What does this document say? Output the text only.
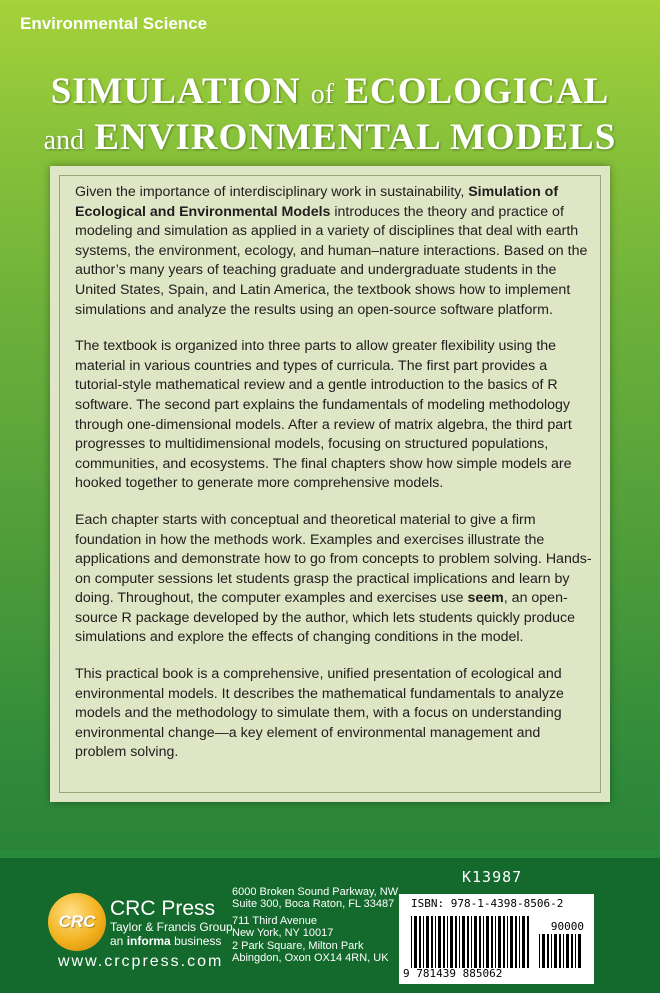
Environmental Science
SIMULATION of ECOLOGICAL
and ENVIRONMENTAL MODELS

Given the importance of interdisciplinary work in sustainability, Simulation of Ecological and Environmental Models introduces the theory and practice of modeling and simulation as applied in a variety of disciplines that deal with earth systems, the environment, ecology, and human–nature interactions. Based on the author’s many years of teaching graduate and undergraduate students in the United States, Spain, and Latin America, the textbook shows how to implement simulations and analyze the results using an open-source software platform.

The textbook is organized into three parts to allow greater flexibility using the material in various countries and types of curricula. The first part provides a tutorial-style mathematical review and a gentle introduction to the basics of R software. The second part explains the fundamentals of modeling methodology through one-dimensional models. After a review of matrix algebra, the third part progresses to multidimensional models, focusing on structured populations, communities, and ecosystems. The final chapters show how simple models are hooked together to generate more comprehensive models.

Each chapter starts with conceptual and theoretical material to give a firm foundation in how the methods work. Examples and exercises illustrate the applications and demonstrate how to go from concepts to problem solving. Hands-on computer sessions let students grasp the practical implications and learn by doing. Throughout, the computer examples and exercises use seem, an open-source R package developed by the author, which lets students quickly produce simulations and explore the effects of changing conditions in the model.

This practical book is a comprehensive, unified presentation of ecological and environmental models. It describes the mathematical fundamentals to analyze models and the methodology to simulate them, with a focus on understanding environmental change—a key element of environmental management and problem solving.

CRC
CRC Press
Taylor & Francis Group
an informa business
www.crcpress.com
6000 Broken Sound Parkway, NW
Suite 300, Boca Raton, FL 33487
711 Third Avenue
New York, NY 10017
2 Park Square, Milton Park
Abingdon, Oxon OX14 4RN, UK
K13987
ISBN: 978-1-4398-8506-2
90000
9 781439 885062
